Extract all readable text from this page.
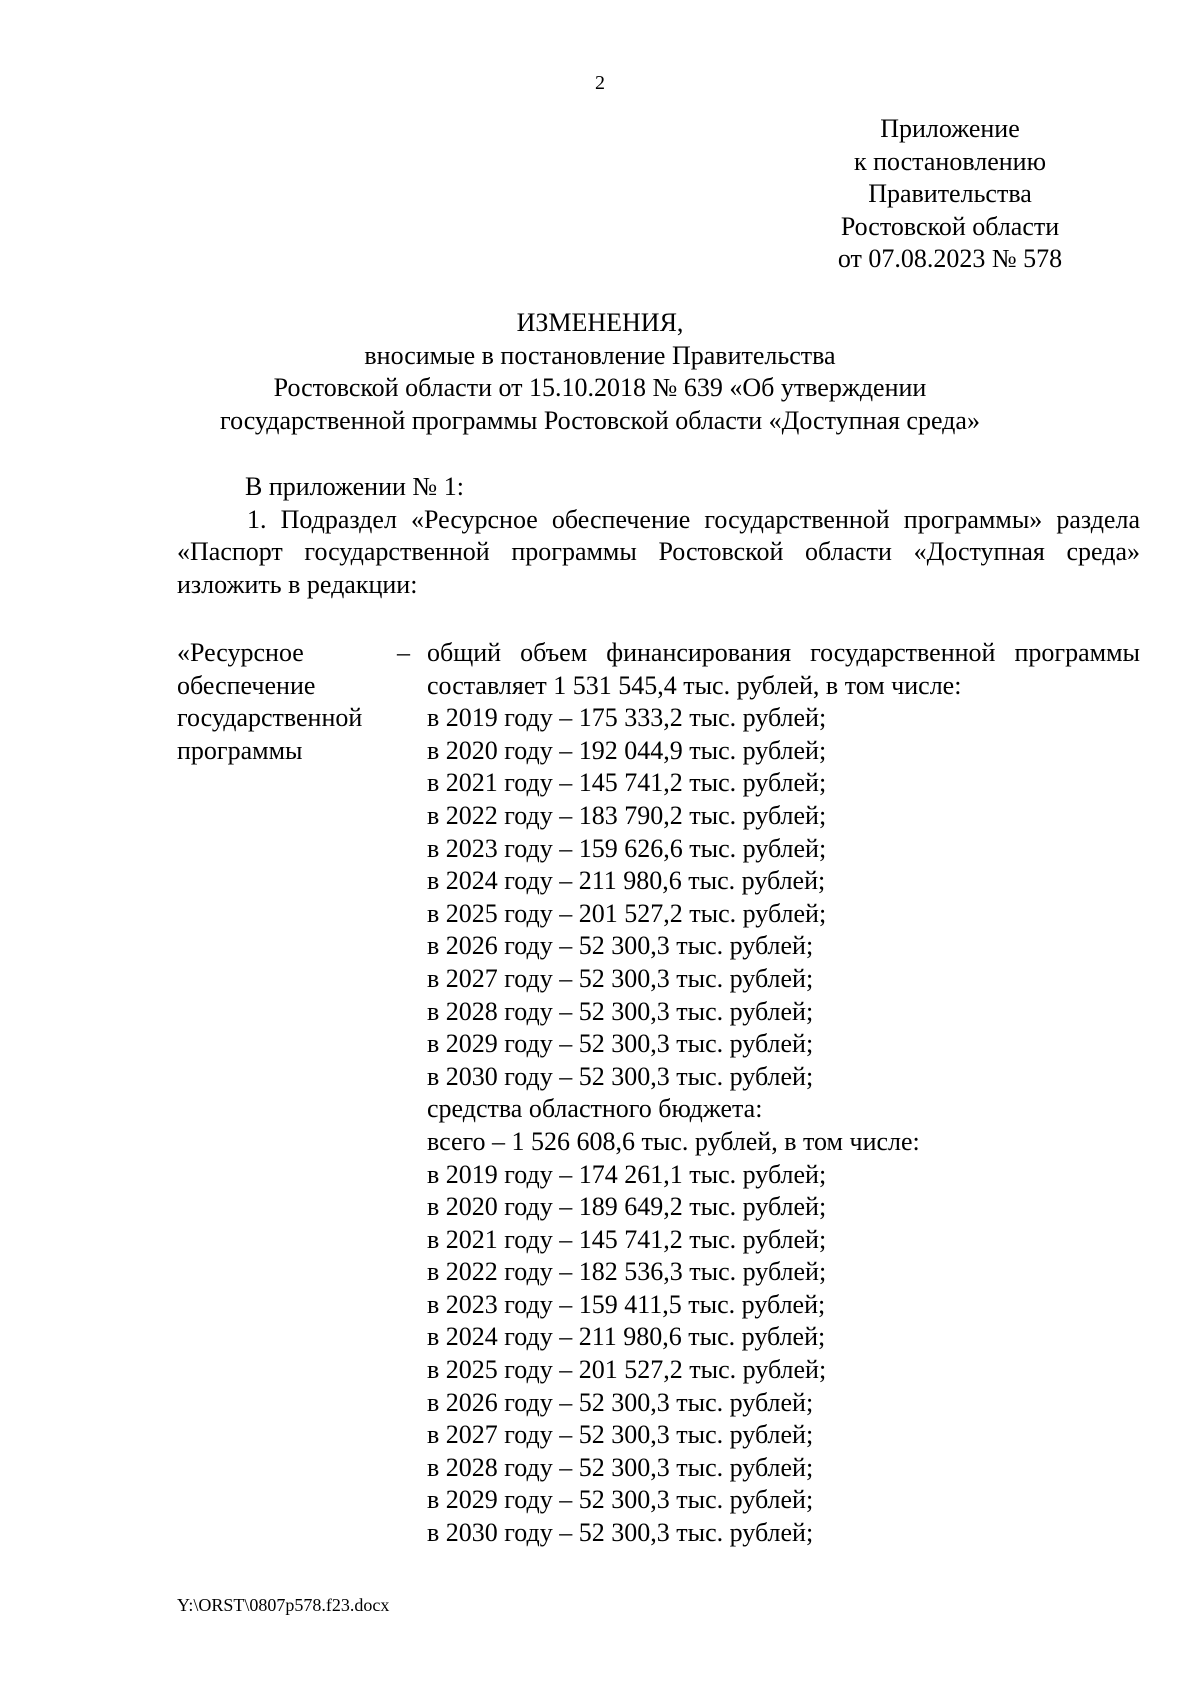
2
Приложение
к постановлению
Правительства
Ростовской области
от 07.08.2023 № 578
ИЗМЕНЕНИЯ,
вносимые в постановление Правительства
Ростовской области от 15.10.2018 № 639 «Об утверждении
государственной программы Ростовской области «Доступная среда»
В приложении № 1:
1. Подраздел «Ресурсное обеспечение государственной программы» раздела «Паспорт государственной программы Ростовской области «Доступная среда» изложить в редакции:
«Ресурсное обеспечение государственной программы
– общий объем финансирования государственной программы составляет 1 531 545,4 тыс. рублей, в том числе:
в 2019 году – 175 333,2 тыс. рублей;
в 2020 году – 192 044,9 тыс. рублей;
в 2021 году – 145 741,2 тыс. рублей;
в 2022 году – 183 790,2 тыс. рублей;
в 2023 году – 159 626,6 тыс. рублей;
в 2024 году – 211 980,6 тыс. рублей;
в 2025 году – 201 527,2 тыс. рублей;
в 2026 году – 52 300,3 тыс. рублей;
в 2027 году – 52 300,3 тыс. рублей;
в 2028 году – 52 300,3 тыс. рублей;
в 2029 году – 52 300,3 тыс. рублей;
в 2030 году – 52 300,3 тыс. рублей;
средства областного бюджета:
всего – 1 526 608,6 тыс. рублей, в том числе:
в 2019 году – 174 261,1 тыс. рублей;
в 2020 году – 189 649,2 тыс. рублей;
в 2021 году – 145 741,2 тыс. рублей;
в 2022 году – 182 536,3 тыс. рублей;
в 2023 году – 159 411,5 тыс. рублей;
в 2024 году – 211 980,6 тыс. рублей;
в 2025 году – 201 527,2 тыс. рублей;
в 2026 году – 52 300,3 тыс. рублей;
в 2027 году – 52 300,3 тыс. рублей;
в 2028 году – 52 300,3 тыс. рублей;
в 2029 году – 52 300,3 тыс. рублей;
в 2030 году – 52 300,3 тыс. рублей;
Y:\ORST\0807p578.f23.docx
